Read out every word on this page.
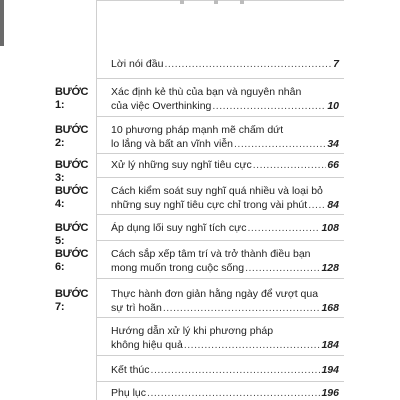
Lời nói đầu .....	7
BƯỚC 1:
Xác định kẻ thù của bạn và nguyên nhân
của việc Overthinking .....	10
BƯỚC 2:
10 phương pháp mạnh mẽ chấm dứt
lo lắng và bất an vĩnh viễn .....	34
BƯỚC 3:
Xử lý những suy nghĩ tiêu cực .....	66
BƯỚC 4:
Cách kiểm soát suy nghĩ quá nhiều và loại bỏ
những suy nghĩ tiêu cực chỉ trong vài phút ..... 84
BƯỚC 5:
Áp dụng lối suy nghĩ tích cực .....	108
BƯỚC 6:
Cách sắp xếp tâm trí và trở thành điều bạn
mong muốn trong cuộc sống .....	128
BƯỚC 7:
Thực hành đơn giản hằng ngày để vượt qua
sự trì hoãn .....	168
Hướng dẫn xử lý khi phương pháp
không hiệu quả .....	184
Kết thúc .....	194
Phụ lục .....	196
